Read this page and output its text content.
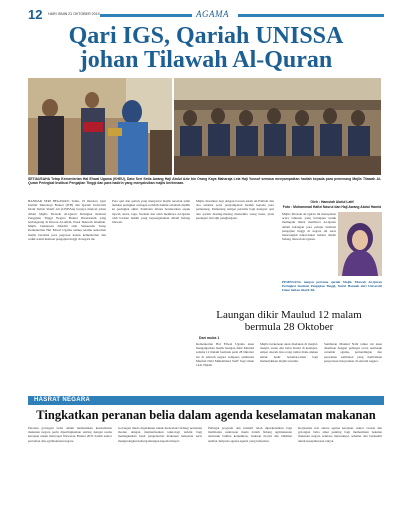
12 HARI ISNIN 21 OKTOBER 2019	AGAMA
Qari IGS, Qariah UNISSA
johan Tilawah Al-Quran
SETIAUSAHA Tetap Kementerian Hal Ehwal Ugama (KHEU), Dato Seri Setia Awang Haji Abdul Aziz bin Orang Kaya Maharaja Lela Haji Yussof semasa menyampaikan hadiah kepada para pemenang Majlis Tilawah Al-Quran Peringkat Institusi Pengajian Tinggi dan para hadirin yang menyaksikan majlis berkenaan.
BANDAR SERI BEGAWAN, Sabtu, 19 Oktober. Qari Institut Teknologi Brunei (ITB) dan Qariah Universiti Islam Sultan Sharif Ali (UNISSA) berjaya muncul johan dalam Majlis Tilawah Al-Quran Peringkat Institusi Pengajian Tinggi Negara Brunei Darussalam yang berlangsung di Dewan Al-Afiah, Pusat Dakwah Islamiah. Majlis berkenaan dihadiri oleh Setiausaha Tetap Kementerian Hal Ehwal Ugama selaku tetamu kehormat majlis bersama para pegawai kanan kementerian dan wakil-wakil institusi pengajian tinggi di negara ini.
Para qari dan qariah yang menyertai majlis tersebut telah melalui peringkat saringan terlebih dahulu sebelum dipilih ke peringkat akhir. Penilaian dibuat berdasarkan aspek tajwid, suara, lagu, fasohah dan adab membaca Al-Quran oleh barisan hakim yang berpengalaman dalam bidang tilawah.
Majlis diserikan lagi dengan bacaan surah Al-Fatihah dan doa selamat serta penyampaian hadiah kepada para pemenang. Pemenang tempat pertama bagi kategori qari dan qariah masing-masing menerima wang tunai, piala pusingan dan sijil penghargaan.
Oleh : Hamsiah Abdul Latif
Foto : Mohammad Hafizi Nasrul dan Haji Awang Abdul Hamid
Majlis Tilawah Al-Quran ini merupakan acara tahunan yang bertujuan untuk memupuk minat membaca Al-Quran dalam kalangan para pelajar institusi pengajian tinggi di negara ini serta mencungkil bakat-bakat baharu dalam bidang tilawah Al-Quran.
PEMENANG tempat pertama qariah Majlis Tilawah Al-Quran Peringkat Institusi Pengajian Tinggi, Nurul Hannah dari Universiti Islam Sultan Sharif Ali.
Laungan dikir Maulud 12 malam
bermula 28 Oktober
Dari muka 1
Kementerian Hal Ehwal Ugama akan menganjurkan majlis laungan dikir Maulud selama 12 malam bermula pada 28 Oktober ini di seluruh negara sempena sambutan Maulud Nabi Muhammad SAW bagi tahun 1441 Hijrah.
Majlis berkenaan akan diadakan di masjid-masjid, surau dan balai ibadat di keempat-empat daerah dan orang ramai dialu-alukan untuk hadir beramai-ramai bagi memeriahkan majlis tersebut.
Sambutan Maulud Nabi tahun ini akan diserikan dengan pelbagai acara termasuk ceramah agama, pertandingan dan perarakan sambutan yang melibatkan penyertaan masyarakat di seluruh negara.
HASRAT NEGARA
Tingkatkan peranan belia dalam agenda keselamatan makanan
Peranan golongan belia dalam memastikan keselamatan makanan negara perlu dipertingkatkan seiring dengan usaha kerajaan untuk mencapai Wawasan Brunei 2035 dalam sektor pertanian dan agrimakanan negara.
Golongan muda digalakkan untuk menceburi bidang pertanian moden dengan memanfaatkan teknologi terkini bagi meningkatkan hasil pengeluaran makanan tempatan serta mengurangkan kebergantungan kepada import.
Pelbagai program dan inisiatif telah diperkenalkan bagi membantu usahawan muda dalam bidang agrimakanan termasuk latihan kemahiran, bantuan modal dan khidmat nasihat daripada agensi-agensi yang berkaitan.
Kerjasama erat antara agensi kerajaan, sektor swasta dan golongan belia amat penting bagi memastikan bekalan makanan negara sentiasa mencukupi, selamat dan berkualiti untuk kesejahteraan rakyat.
